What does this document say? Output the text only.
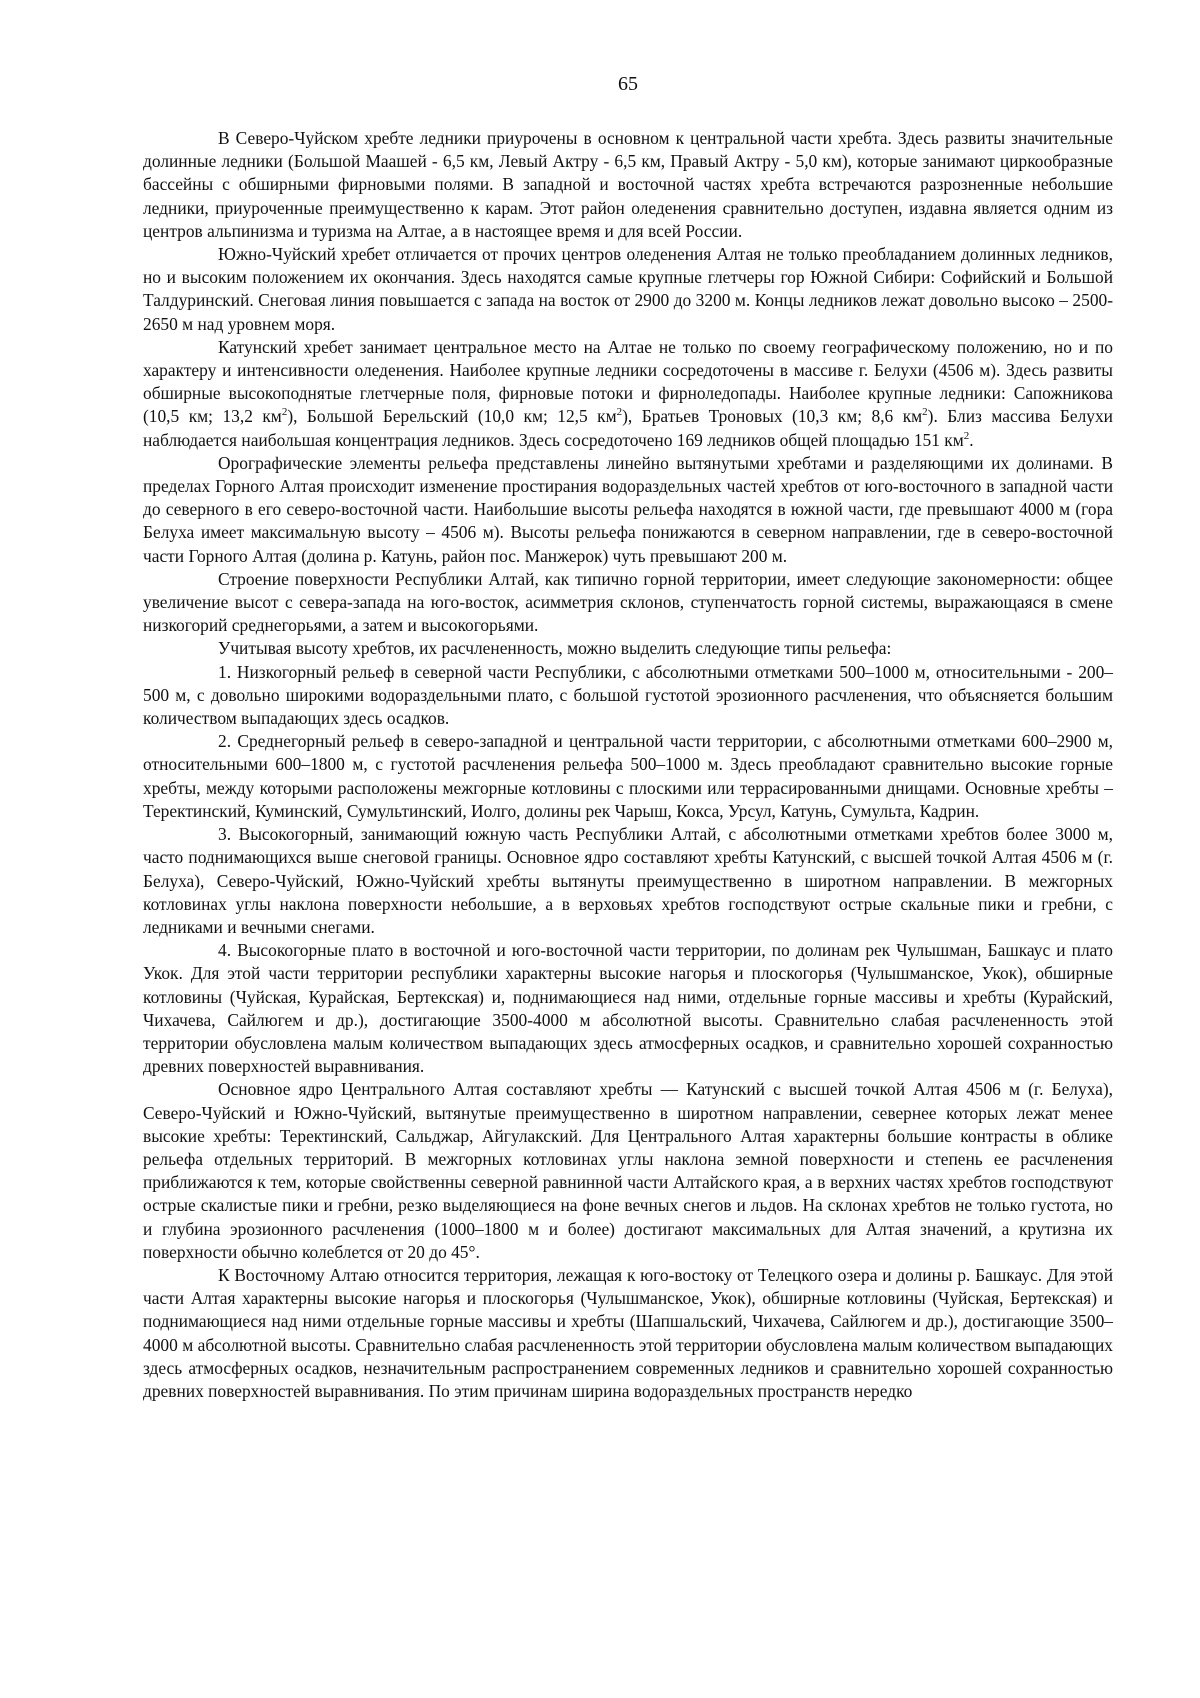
65

В Северо-Чуйском хребте ледники приурочены в основном к центральной части хребта. Здесь развиты значительные долинные ледники (Большой Маашей - 6,5 км, Левый Актру - 6,5 км, Правый Актру - 5,0 км), которые занимают циркообразные бассейны с обширными фирновыми полями. В западной и восточной частях хребта встречаются разрозненные небольшие ледники, приуроченные преимущественно к карам. Этот район оледенения сравнительно доступен, издавна является одним из центров альпинизма и туризма на Алтае, а в настоящее время и для всей России.

Южно-Чуйский хребет отличается от прочих центров оледенения Алтая не только преобладанием долинных ледников, но и высоким положением их окончания. Здесь находятся самые крупные глетчеры гор Южной Сибири: Софийский и Большой Талдуринский. Снеговая линия повышается с запада на восток от 2900 до 3200 м. Концы ледников лежат довольно высоко – 2500-2650 м над уровнем моря.

Катунский хребет занимает центральное место на Алтае не только по своему географическому положению, но и по характеру и интенсивности оледенения. Наиболее крупные ледники сосредоточены в массиве г. Белухи (4506 м). Здесь развиты обширные высокоподнятые глетчерные поля, фирновые потоки и фирноледопады. Наиболее крупные ледники: Сапожникова (10,5 км; 13,2 $км^2$), Большой Берельский (10,0 км; 12,5 $км^2$), Братьев Троновых (10,3 км; 8,6 $км^2$). Близ массива Белухи наблюдается наибольшая концентрация ледников. Здесь сосредоточено 169 ледников общей площадью 151 $км^2$.

Орографические элементы рельефа представлены линейно вытянутыми хребтами и разделяющими их долинами. В пределах Горного Алтая происходит изменение простирания водораздельных частей хребтов от юго-восточного в западной части до северного в его северо-восточной части. Наибольшие высоты рельефа находятся в южной части, где превышают 4000 м (гора Белуха имеет максимальную высоту – 4506 м). Высоты рельефа понижаются в северном направлении, где в северо-восточной части Горного Алтая (долина р. Катунь, район пос. Манжерок) чуть превышают 200 м.

Строение поверхности Республики Алтай, как типично горной территории, имеет следующие закономерности: общее увеличение высот с севера-запада на юго-восток, асимметрия склонов, ступенчатость горной системы, выражающаяся в смене низкогорий среднегорьями, а затем и высокогорьями.

Учитывая высоту хребтов, их расчлененность, можно выделить следующие типы рельефа:

1. Низкогорный рельеф в северной части Республики, с абсолютными отметками 500–1000 м, относительными - 200–500 м, с довольно широкими водораздельными плато, с большой густотой эрозионного расчленения, что объясняется большим количеством выпадающих здесь осадков.

2. Среднегорный рельеф в северо-западной и центральной части территории, с абсолютными отметками 600–2900 м, относительными 600–1800 м, с густотой расчленения рельефа 500–1000 м. Здесь преобладают сравнительно высокие горные хребты, между которыми расположены межгорные котловины с плоскими или террасированными днищами. Основные хребты – Теректинский, Куминский, Сумультинский, Иолго, долины рек Чарыш, Кокса, Урсул, Катунь, Сумульта, Кадрин.

3. Высокогорный, занимающий южную часть Республики Алтай, с абсолютными отметками хребтов более 3000 м, часто поднимающихся выше снеговой границы. Основное ядро составляют хребты Катунский, с высшей точкой Алтая 4506 м (г. Белуха), Северо-Чуйский, Южно-Чуйский хребты вытянуты преимущественно в широтном направлении. В межгорных котловинах углы наклона поверхности небольшие, а в верховьях хребтов господствуют острые скальные пики и гребни, с ледниками и вечными снегами.

4. Высокогорные плато в восточной и юго-восточной части территории, по долинам рек Чулышман, Башкаус и плато Укок. Для этой части территории республики характерны высокие нагорья и плоскогорья (Чулышманское, Укок), обширные котловины (Чуйская, Курайская, Бертекская) и, поднимающиеся над ними, отдельные горные массивы и хребты (Курайский, Чихачева, Сайлюгем и др.), достигающие 3500-4000 м абсолютной высоты. Сравнительно слабая расчлененность этой территории обусловлена малым количеством выпадающих здесь атмосферных осадков, и сравнительно хорошей сохранностью древних поверхностей выравнивания.

Основное ядро Центрального Алтая составляют хребты — Катунский с высшей точкой Алтая 4506 м (г. Белуха), Северо-Чуйский и Южно-Чуйский, вытянутые преимущественно в широтном направлении, севернее которых лежат менее высокие хребты: Теректинский, Сальджар, Айгулакский. Для Центрального Алтая характерны большие контрасты в облике рельефа отдельных территорий. В межгорных котловинах углы наклона земной поверхности и степень ее расчленения приближаются к тем, которые свойственны северной равнинной части Алтайского края, а в верхних частях хребтов господствуют острые скалистые пики и гребни, резко выделяющиеся на фоне вечных снегов и льдов. На склонах хребтов не только густота, но и глубина эрозионного расчленения (1000–1800 м и более) достигают максимальных для Алтая значений, а крутизна их поверхности обычно колеблется от 20 до 45°.

К Восточному Алтаю относится территория, лежащая к юго-востоку от Телецкого озера и долины р. Башкаус. Для этой части Алтая характерны высокие нагорья и плоскогорья (Чулышманское, Укок), обширные котловины (Чуйская, Бертекская) и поднимающиеся над ними отдельные горные массивы и хребты (Шапшальский, Чихачева, Сайлюгем и др.), достигающие 3500–4000 м абсолютной высоты. Сравнительно слабая расчлененность этой территории обусловлена малым количеством выпадающих здесь атмосферных осадков, незначительным распространением современных ледников и сравнительно хорошей сохранностью древних поверхностей выравнивания. По этим причинам ширина водораздельных пространств нередко
